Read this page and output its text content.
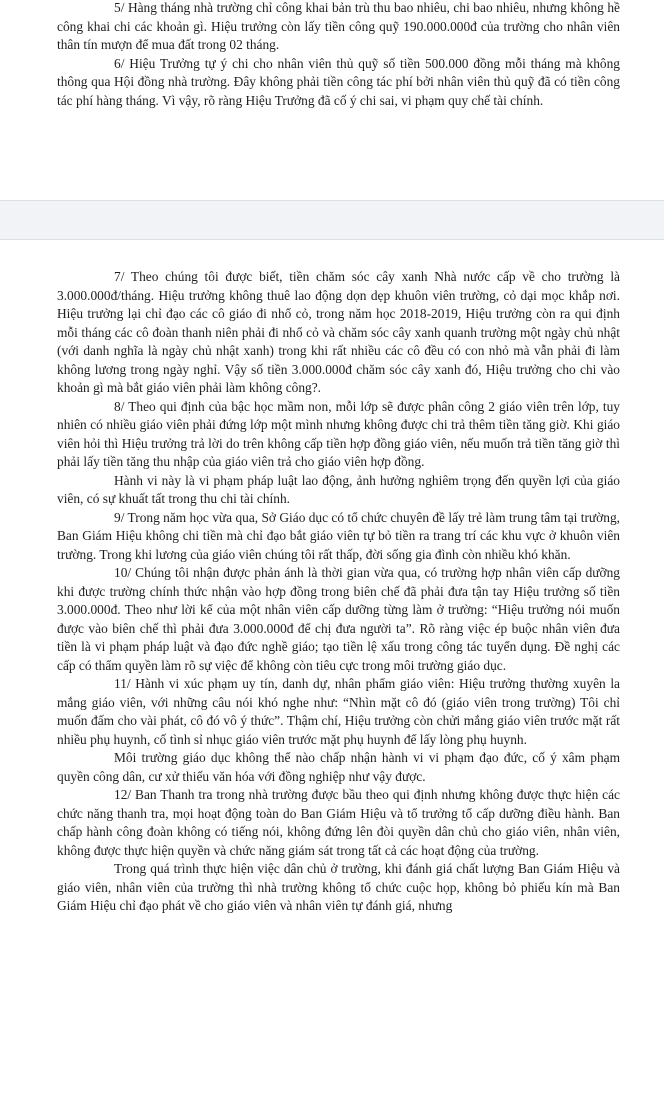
5/ Hàng tháng nhà trường chỉ công khai bản trù thu bao nhiêu, chi bao nhiêu, nhưng không hề công khai chi các khoản gì. Hiệu trưởng còn lấy tiền công quỹ 190.000.000đ của trường cho nhân viên thân tín mượn để mua đất trong 02 tháng.

6/ Hiệu Trưởng tự ý chi cho nhân viên thủ quỹ số tiền 500.000 đồng mỗi tháng mà không thông qua Hội đồng nhà trường. Đây không phải tiền công tác phí bởi nhân viên thủ quỹ đã có tiền công tác phí hàng tháng. Vì vậy, rõ ràng Hiệu Trưởng đã cố ý chi sai, vi phạm quy chế tài chính.

7/ Theo chúng tôi được biết, tiền chăm sóc cây xanh Nhà nước cấp về cho trường là 3.000.000đ/tháng. Hiệu trưởng không thuê lao động dọn dẹp khuôn viên trường, cỏ dại mọc khắp nơi. Hiệu trưởng lại chỉ đạo các cô giáo đi nhổ cỏ, trong năm học 2018-2019, Hiệu trưởng còn ra qui định mỗi tháng các cô đoàn thanh niên phải đi nhổ cỏ và chăm sóc cây xanh quanh trường một ngày chủ nhật (với danh nghĩa là ngày chủ nhật xanh) trong khi rất nhiều các cô đều có con nhỏ mà vẫn phải đi làm không lương trong ngày nghỉ. Vậy số tiền 3.000.000đ chăm sóc cây xanh đó, Hiệu trưởng cho chi vào khoản gì mà bắt giáo viên phải làm không công?.

8/ Theo qui định của bậc học mầm non, mỗi lớp sẽ được phân công 2 giáo viên trên lớp, tuy nhiên có nhiều giáo viên phải đứng lớp một mình nhưng không được chi trả thêm tiền tăng giờ. Khi giáo viên hỏi thì Hiệu trưởng trả lời do trên không cấp tiền hợp đồng giáo viên, nếu muốn trả tiền tăng giờ thì phải lấy tiền tăng thu nhập của giáo viên trả cho giáo viên hợp đồng.

Hành vi này là vi phạm pháp luật lao động, ảnh hưởng nghiêm trọng đến quyền lợi của giáo viên, có sự khuất tất trong thu chi tài chính.

9/ Trong năm học vừa qua, Sở Giáo dục có tổ chức chuyên đề lấy trẻ làm trung tâm tại trường, Ban Giám Hiệu không chi tiền mà chỉ đạo bắt giáo viên tự bỏ tiền ra trang trí các khu vực ở khuôn viên trường. Trong khi lương của giáo viên chúng tôi rất thấp, đời sống gia đình còn nhiều khó khăn.

10/ Chúng tôi nhận được phản ánh là thời gian vừa qua, có trường hợp nhân viên cấp dưỡng khi được trường chính thức nhận vào hợp đồng trong biên chế đã phải đưa tận tay Hiệu trưởng số tiền 3.000.000đ. Theo như lời kể của một nhân viên cấp dưỡng từng làm ở trường: “Hiệu trưởng nói muốn được vào biên chế thì phải đưa 3.000.000đ để chị đưa người ta”. Rõ ràng việc ép buộc nhân viên đưa tiền là vi phạm pháp luật và đạo đức nghề giáo; tạo tiền lệ xấu trong công tác tuyển dụng. Đề nghị các cấp có thẩm quyền làm rõ sự việc để không còn tiêu cực trong môi trường giáo dục.

11/ Hành vi xúc phạm uy tín, danh dự, nhân phẩm giáo viên: Hiệu trưởng thường xuyên la mắng giáo viên, với những câu nói khó nghe như: “Nhìn mặt cô đó (giáo viên trong trường) Tôi chỉ muốn đấm cho vài phát, cô đó vô ý thức”. Thậm chí, Hiệu trưởng còn chửi mắng giáo viên trước mặt rất nhiều phụ huynh, cố tình sỉ nhục giáo viên trước mặt phụ huynh để lấy lòng phụ huynh.

Môi trường giáo dục không thể nào chấp nhận hành vi vi phạm đạo đức, cố ý xâm phạm quyền công dân, cư xử thiếu văn hóa với đồng nghiệp như vậy được.

12/ Ban Thanh tra trong nhà trường được bầu theo qui định nhưng không được thực hiện các chức năng thanh tra, mọi hoạt động toàn do Ban Giám Hiệu và tổ trưởng tổ cấp dưỡng điều hành. Ban chấp hành công đoàn không có tiếng nói, không đứng lên đòi quyền dân chủ cho giáo viên, nhân viên, không được thực hiện quyền và chức năng giám sát trong tất cả các hoạt động của trường.

Trong quá trình thực hiện việc dân chủ ở trường, khi đánh giá chất lượng Ban Giám Hiệu và giáo viên, nhân viên của trường thì nhà trường không tổ chức cuộc họp, không bỏ phiếu kín mà Ban Giám Hiệu chỉ đạo phát về cho giáo viên và nhân viên tự đánh giá, nhưng
